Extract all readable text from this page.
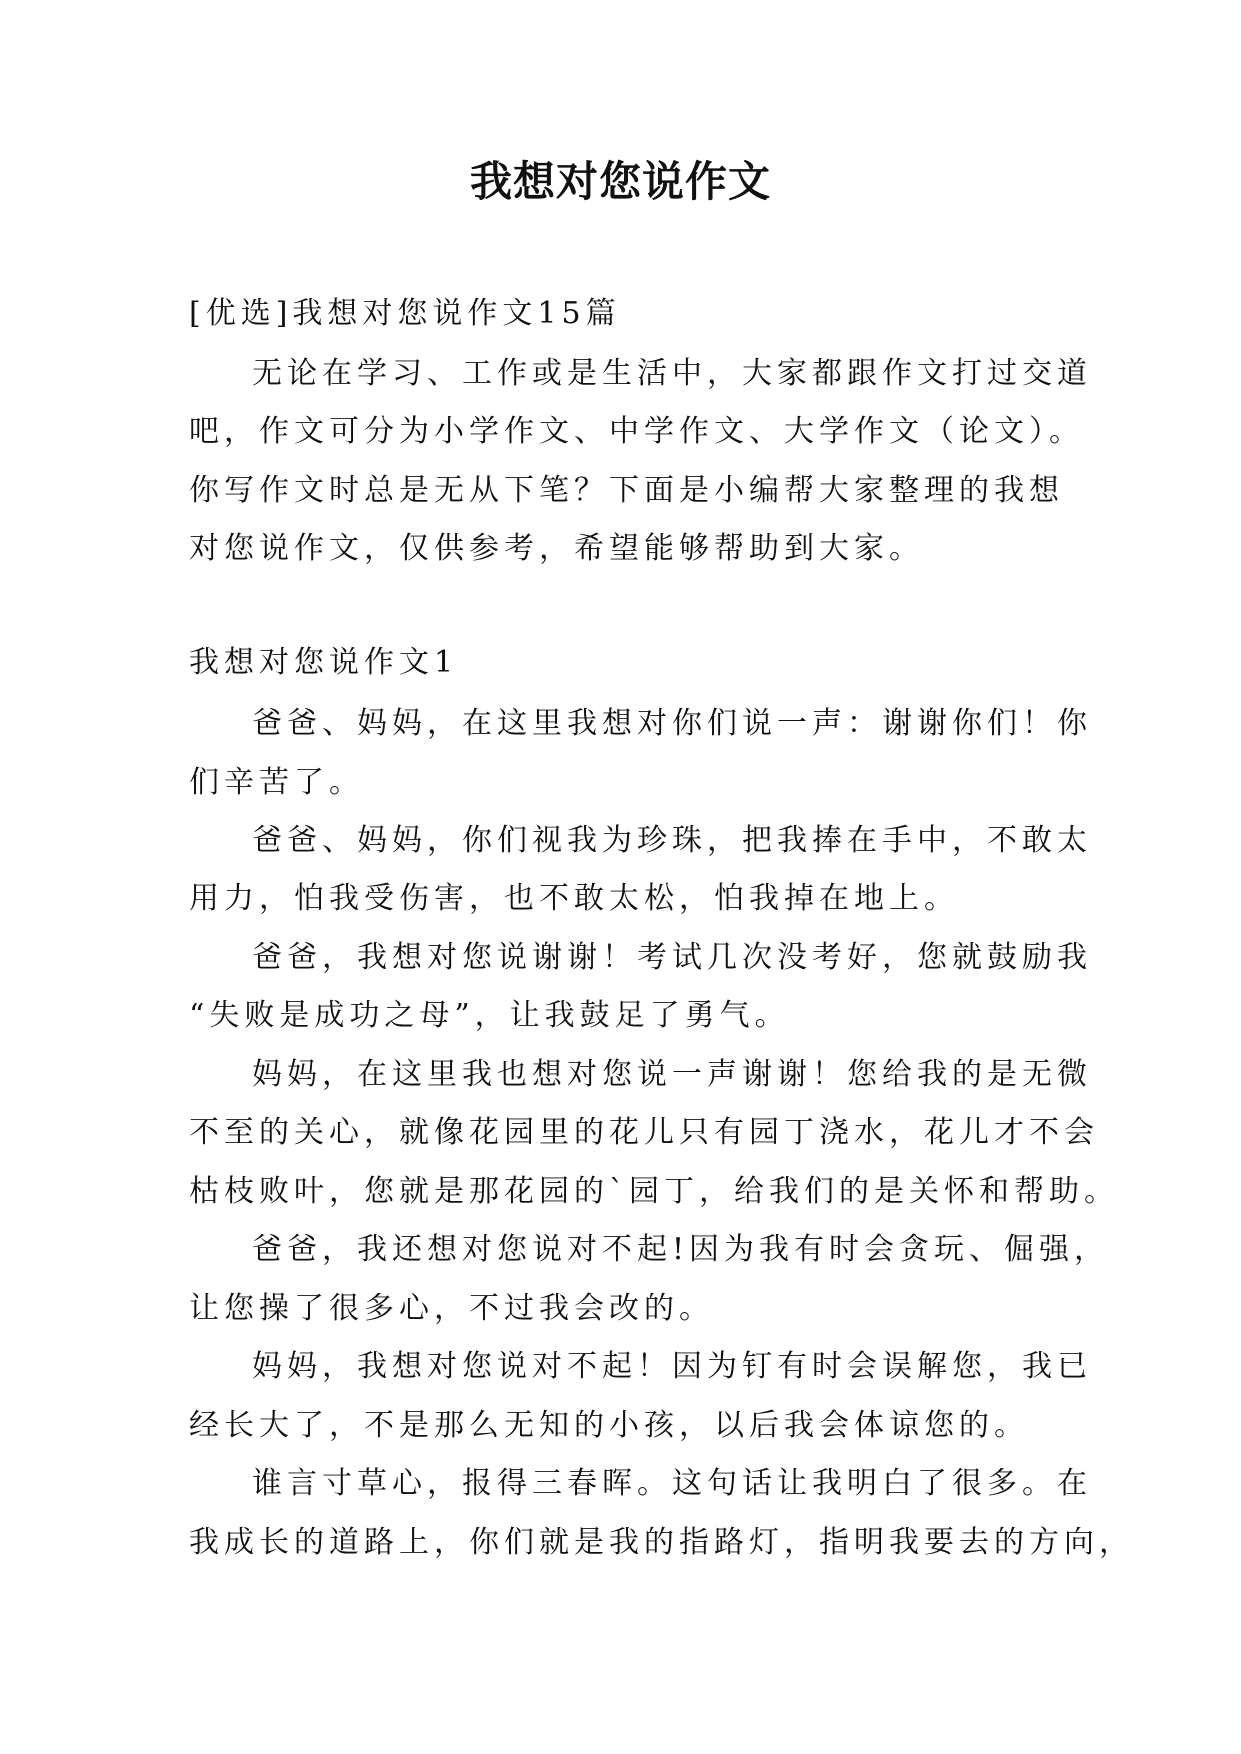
我想对您说作文
[优选]我想对您说作文15篇
无论在学习、工作或是生活中，大家都跟作文打过交道
吧，作文可分为小学作文、中学作文、大学作文（论文）。
你写作文时总是无从下笔？下面是小编帮大家整理的我想
对您说作文，仅供参考，希望能够帮助到大家。
我想对您说作文1
爸爸、妈妈，在这里我想对你们说一声：谢谢你们！你
们辛苦了。
爸爸、妈妈，你们视我为珍珠，把我捧在手中，不敢太
用力，怕我受伤害，也不敢太松，怕我掉在地上。
爸爸，我想对您说谢谢！考试几次没考好，您就鼓励我
“失败是成功之母”，让我鼓足了勇气。
妈妈，在这里我也想对您说一声谢谢！您给我的是无微
不至的关心，就像花园里的花儿只有园丁浇水，花儿才不会
枯枝败叶，您就是那花园的`园丁，给我们的是关怀和帮助。
爸爸，我还想对您说对不起!因为我有时会贪玩、倔强，
让您操了很多心，不过我会改的。
妈妈，我想对您说对不起！因为钉有时会误解您，我已
经长大了，不是那么无知的小孩，以后我会体谅您的。
谁言寸草心，报得三春晖。这句话让我明白了很多。在
我成长的道路上，你们就是我的指路灯，指明我要去的方向，
